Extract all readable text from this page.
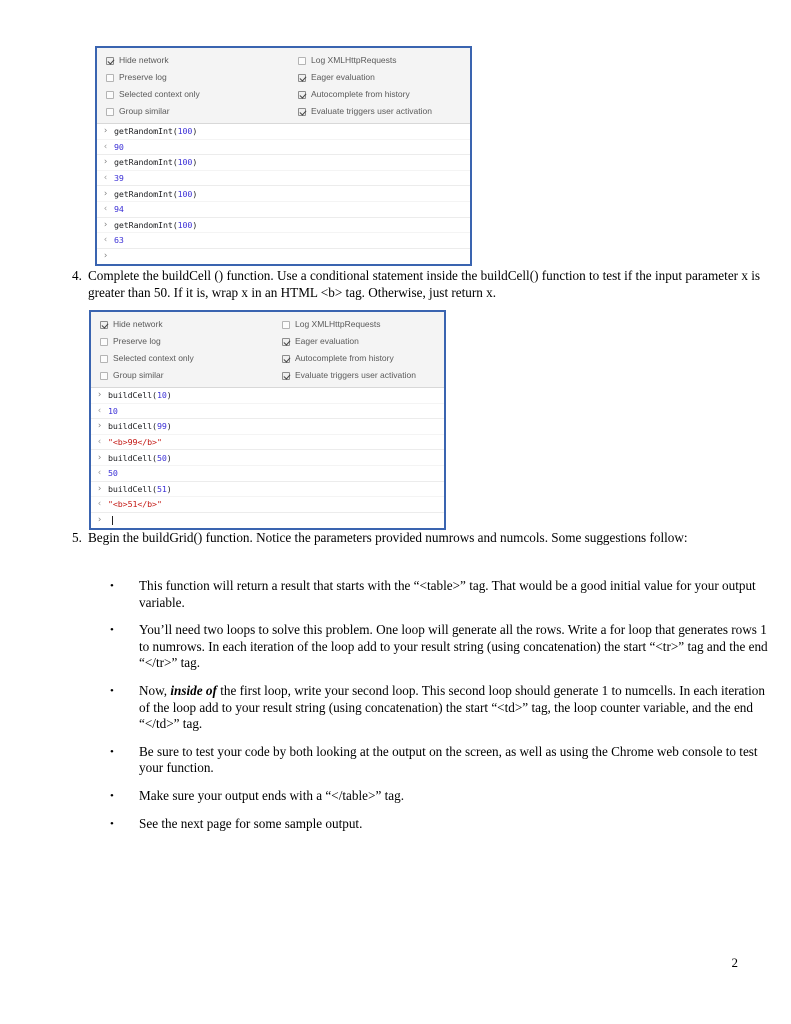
Hide network	Log XMLHttpRequests
Preserve log	Eager evaluation
Selected context only	Autocomplete from history
Group similar	Evaluate triggers user activation
› getRandomInt(100)
‹ 90
› getRandomInt(100)
‹ 39
› getRandomInt(100)
‹ 94
› getRandomInt(100)
‹ 63
›
4. Complete the buildCell () function. Use a conditional statement inside the buildCell() function to test if the input parameter x is greater than 50. If it is, wrap x in an HTML <b> tag. Otherwise, just return x.
Hide network	Log XMLHttpRequests
Preserve log	Eager evaluation
Selected context only	Autocomplete from history
Group similar	Evaluate triggers user activation
› buildCell(10)
‹ 10
› buildCell(99)
‹ "<b>99</b>"
› buildCell(50)
‹ 50
› buildCell(51)
‹ "<b>51</b>"
›
5. Begin the buildGrid() function. Notice the parameters provided numrows and numcols. Some suggestions follow:
•	This function will return a result that starts with the “<table>” tag. That would be a good initial value for your output variable.
•	You’ll need two loops to solve this problem. One loop will generate all the rows. Write a for loop that generates rows 1 to numrows. In each iteration of the loop add to your result string (using concatenation) the start “<tr>” tag and the end “</tr>” tag.
•	Now, inside of the first loop, write your second loop. This second loop should generate 1 to numcells. In each iteration of the loop add to your result string (using concatenation) the start “<td>” tag, the loop counter variable, and the end “</td>” tag.
•	Be sure to test your code by both looking at the output on the screen, as well as using the Chrome web console to test your function.
•	Make sure your output ends with a “</table>” tag.
•	See the next page for some sample output.
2
